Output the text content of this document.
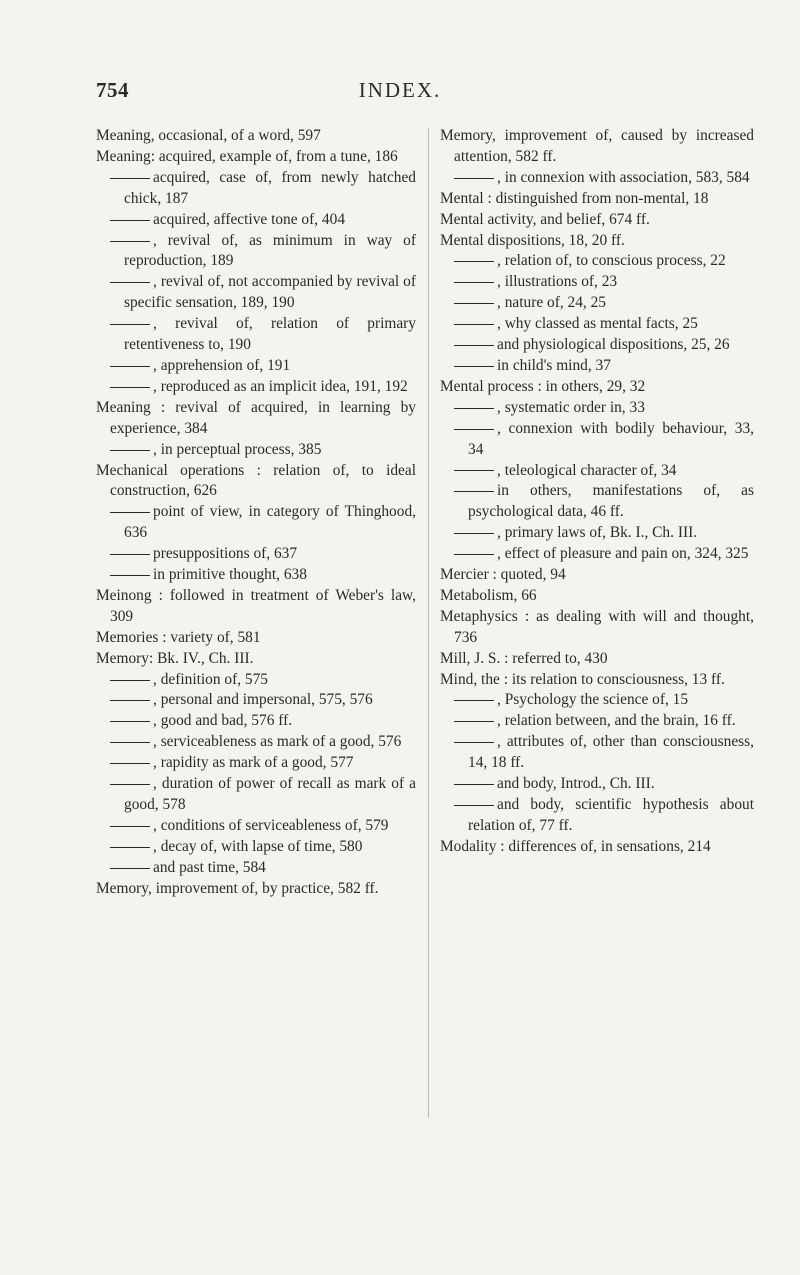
754	INDEX.

Meaning, occasional, of a word, 597

Meaning: acquired, example of, from a tune, 186

acquired, case of, from newly hatched chick, 187

acquired, affective tone of, 404

, revival of, as minimum in way of reproduction, 189

, revival of, not accompanied by revival of specific sensation, 189, 190

, revival of, relation of primary retentiveness to, 190

, apprehension of, 191

, reproduced as an implicit idea, 191, 192

Meaning : revival of acquired, in learning by experience, 384

, in perceptual process, 385

Mechanical operations : relation of, to ideal construction, 626

point of view, in category of Thinghood, 636

presuppositions of, 637

in primitive thought, 638

Meinong : followed in treatment of Weber's law, 309

Memories : variety of, 581

Memory: Bk. IV., Ch. III.

, definition of, 575

, personal and impersonal, 575, 576

, good and bad, 576 ff.

, serviceableness as mark of a good, 576

, rapidity as mark of a good, 577

, duration of power of recall as mark of a good, 578

, conditions of serviceableness of, 579

, decay of, with lapse of time, 580

and past time, 584

Memory, improvement of, by practice, 582 ff.

Memory, improvement of, caused by increased attention, 582 ff.

, in connexion with association, 583, 584

Mental : distinguished from non-mental, 18

Mental activity, and belief, 674 ff.

Mental dispositions, 18, 20 ff.

, relation of, to conscious process, 22

, illustrations of, 23

, nature of, 24, 25

, why classed as mental facts, 25

and physiological dispositions, 25, 26

in child's mind, 37

Mental process : in others, 29, 32

, systematic order in, 33

, connexion with bodily behaviour, 33, 34

, teleological character of, 34

in others, manifestations of, as psychological data, 46 ff.

, primary laws of, Bk. I., Ch. III.

, effect of pleasure and pain on, 324, 325

Mercier : quoted, 94

Metabolism, 66

Metaphysics : as dealing with will and thought, 736

Mill, J. S. : referred to, 430

Mind, the : its relation to consciousness, 13 ff.

, Psychology the science of, 15

, relation between, and the brain, 16 ff.

, attributes of, other than consciousness, 14, 18 ff.

and body, Introd., Ch. III.

and body, scientific hypothesis about relation of, 77 ff.

Modality : differences of, in sensations, 214
